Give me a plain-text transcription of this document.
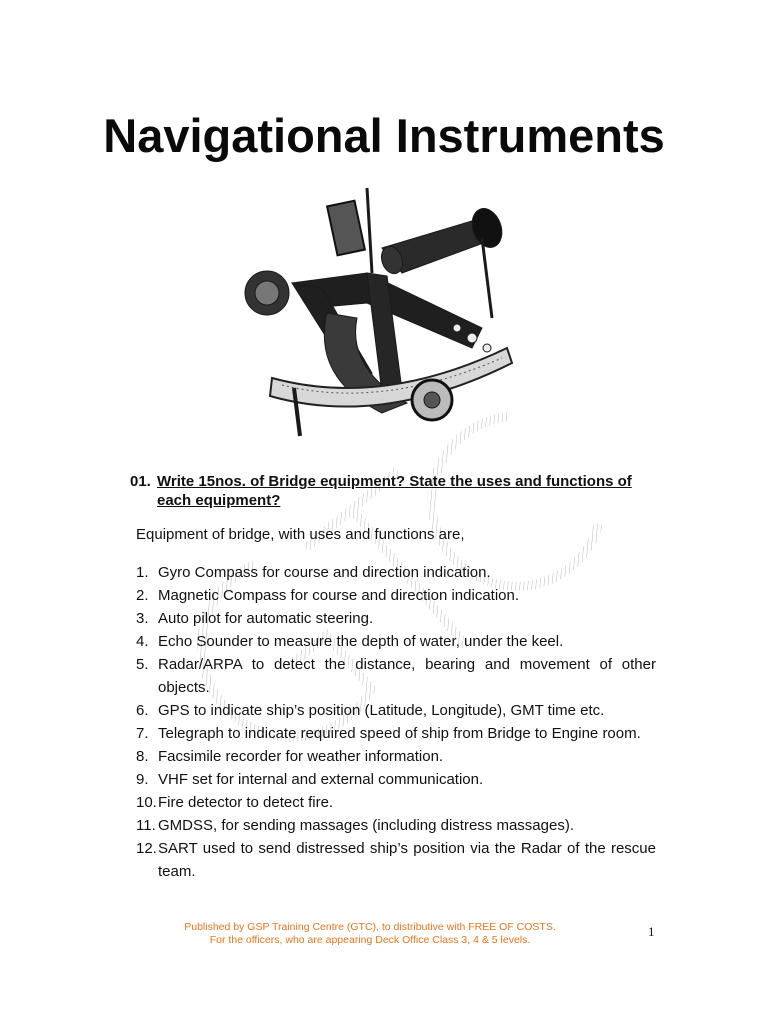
Navigational Instruments
01. Write 15nos. of Bridge equipment? State the uses and functions of each equipment?

Equipment of bridge, with uses and functions are,

1. Gyro Compass for course and direction indication.
2. Magnetic Compass for course and direction indication.
3. Auto pilot for automatic steering.
4. Echo Sounder to measure the depth of water, under the keel.
5. Radar/ARPA to detect the distance, bearing and movement of other objects.
6. GPS to indicate ship’s position (Latitude, Longitude), GMT time etc.
7. Telegraph to indicate required speed of ship from Bridge to Engine room.
8. Facsimile recorder for weather information.
9. VHF set for internal and external communication.
10. Fire detector to detect fire.
11. GMDSS, for sending massages (including distress massages).
12. SART used to send distressed ship’s position via the Radar of the rescue team.
Published by GSP Training Centre (GTC), to distributive with FREE OF COSTS.
For the officers, who are appearing Deck Office Class 3, 4 & 5 levels.
1
